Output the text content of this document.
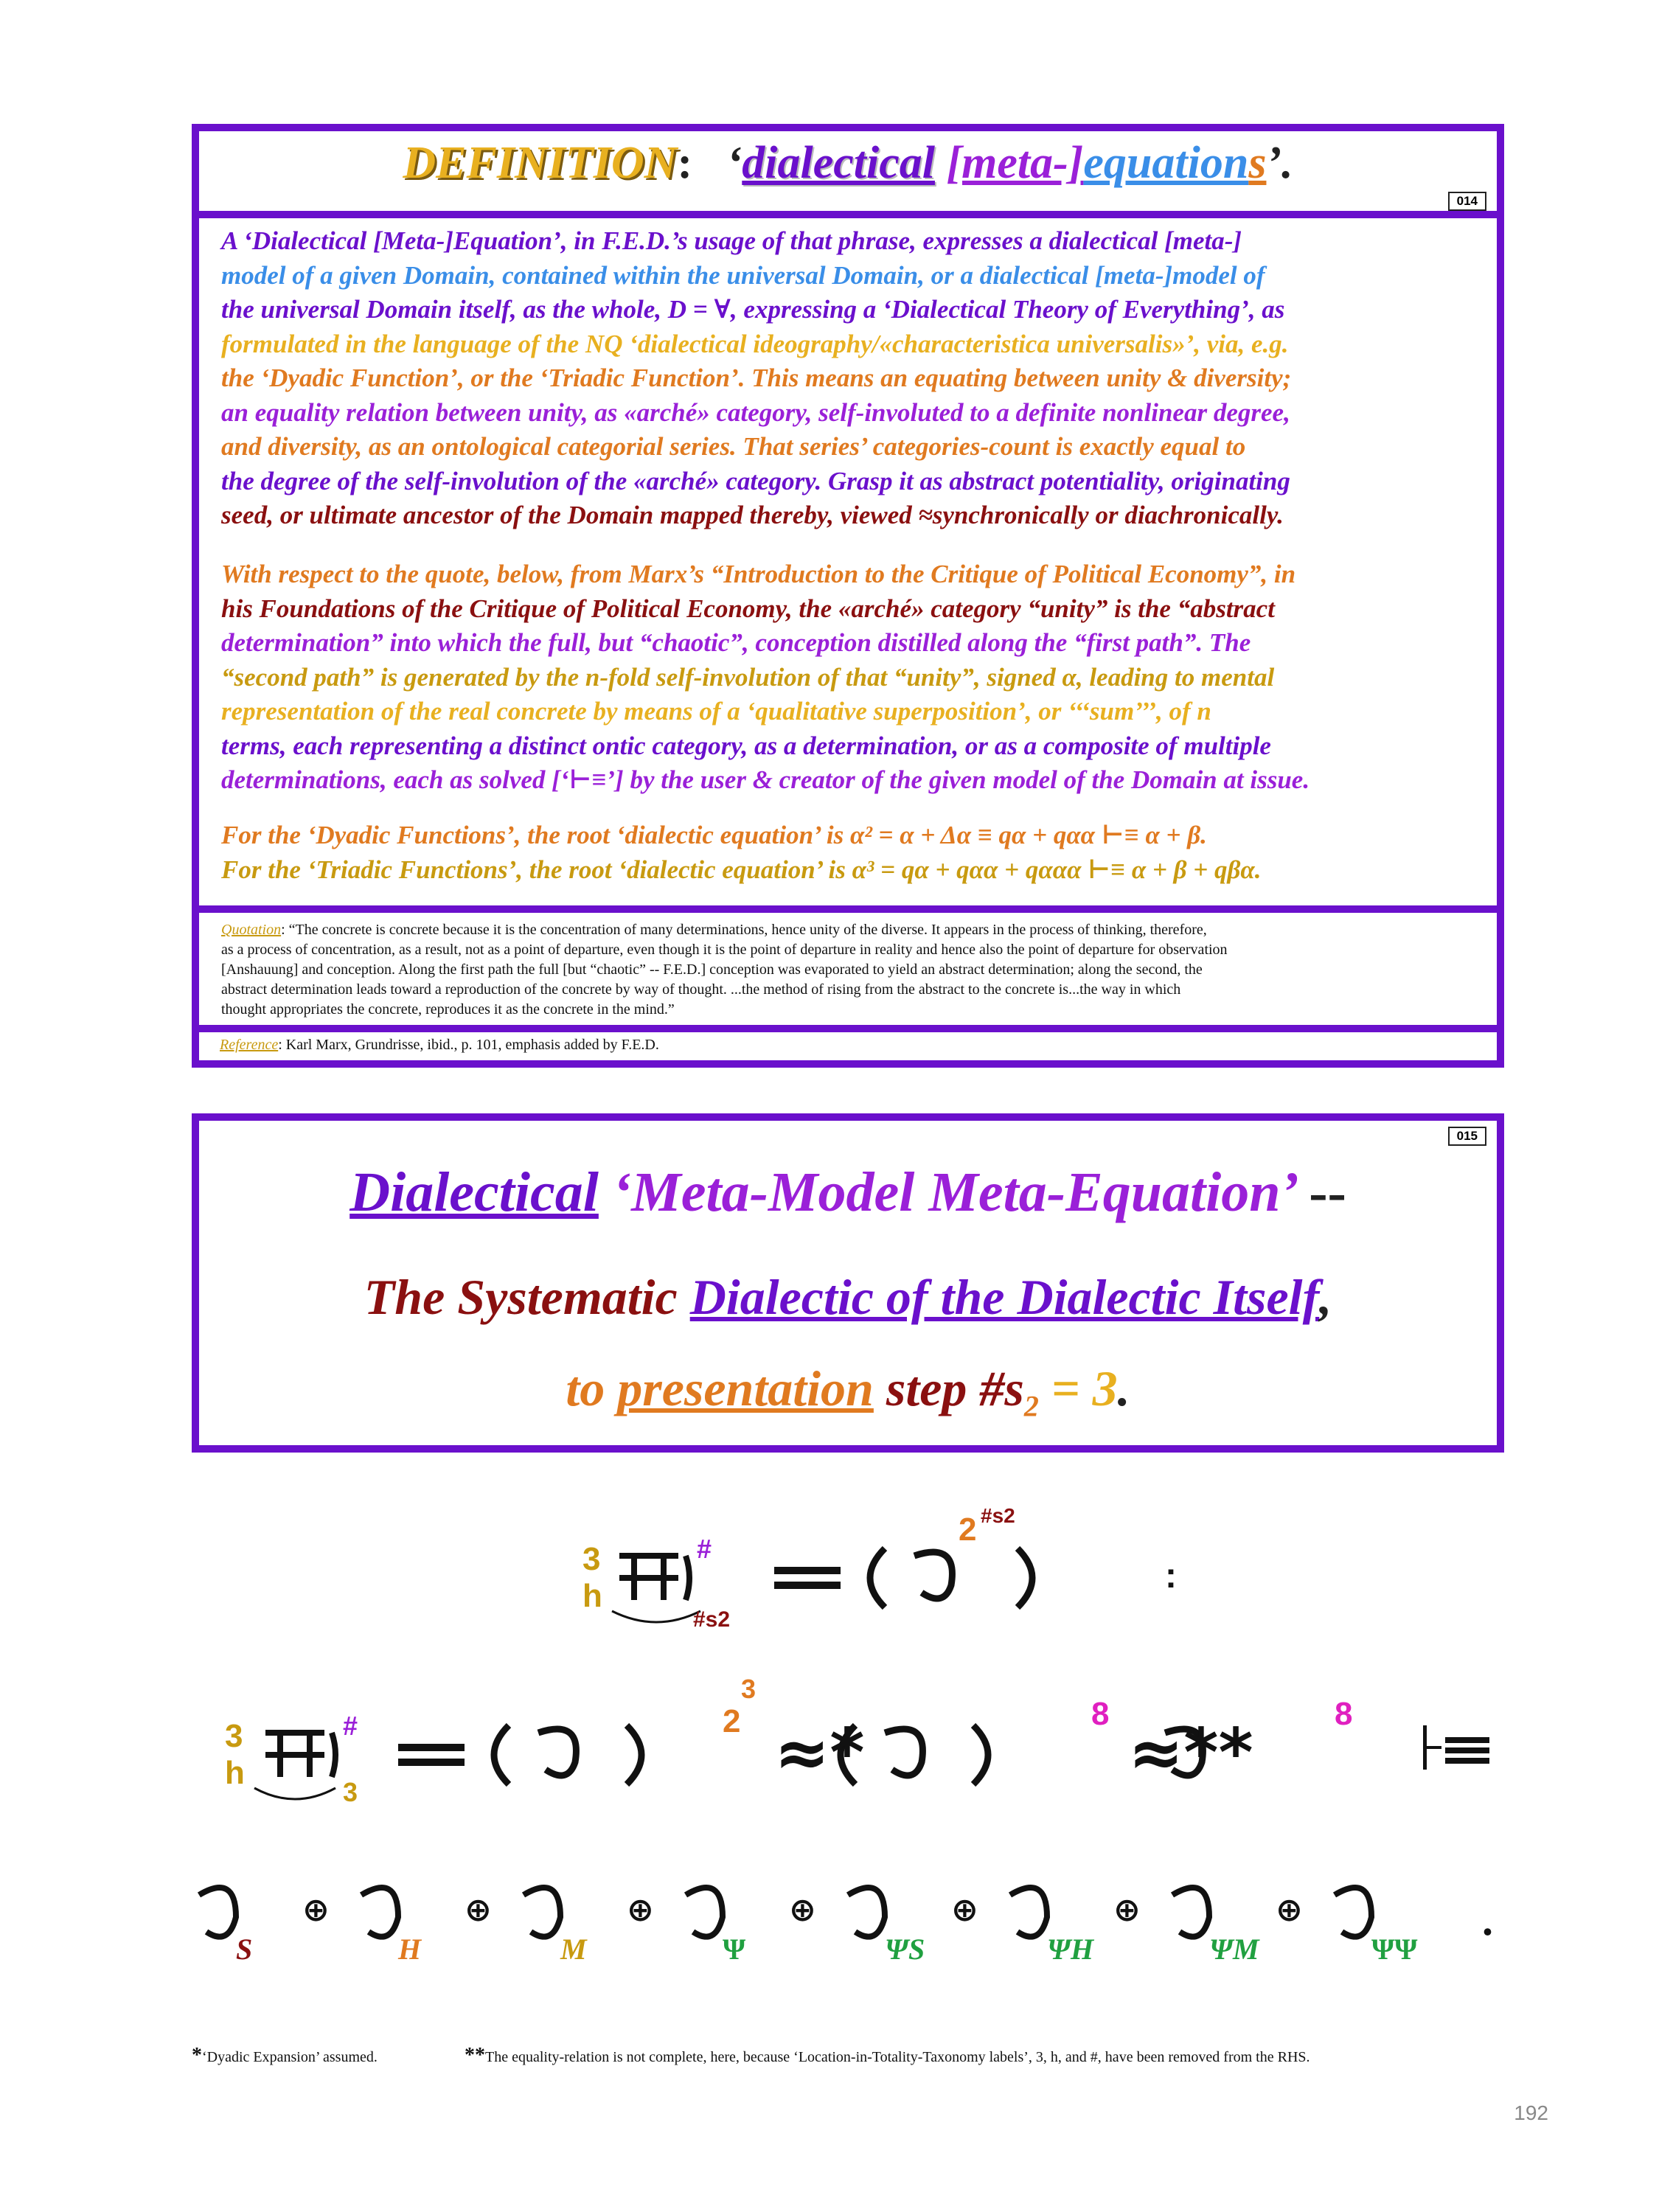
014
DEFINITION: ‘dialectical [meta-]equations’.
A ‘Dialectical [Meta-]Equation’, in F.E.D.’s usage of that phrase, expresses a dialectical [meta-]
model of a given Domain, contained within the universal Domain, or a dialectical [meta-]model of
the universal Domain itself, as the whole, D = ∀, expressing a ‘Dialectical Theory of Everything’, as
formulated in the language of the NQ ‘dialectical ideography/«characteristica universalis»’, via, e.g.
the ‘Dyadic Function’, or the ‘Triadic Function’. This means an equating between unity & diversity;
an equality relation between unity, as «arché» category, self-involuted to a definite nonlinear degree,
and diversity, as an ontological categorial series. That series’ categories-count is exactly equal to
the degree of the self-involution of the «arché» category. Grasp it as abstract potentiality, originating
seed, or ultimate ancestor of the Domain mapped thereby, viewed ≈synchronically or diachronically.
With respect to the quote, below, from Marx’s “Introduction to the Critique of Political Economy”, in
his Foundations of the Critique of Political Economy, the «arché» category “unity” is the “abstract
determination” into which the full, but “chaotic”, conception distilled along the “first path”. The
“second path” is generated by the n-fold self-involution of that “unity”, signed α, leading to mental
representation of the real concrete by means of a ‘qualitative superposition’, or ‘‘‘sum’’’, of n
terms, each representing a distinct ontic category, as a determination, or as a composite of multiple
determinations, each as solved [‘⊢≡’] by the user & creator of the given model of the Domain at issue.
For the ‘Dyadic Functions’, the root ‘dialectic equation’ is α² = α + Δα ≡ qα + qαα ⊢≡ α + β.
For the ‘Triadic Functions’, the root ‘dialectic equation’ is α³ = qα + qαα + qααα ⊢≡ α + β + qβα.
Quotation: “The concrete is concrete because it is the concentration of many determinations, hence unity of the diverse. It appears in the process of thinking, therefore,
as a process of concentration, as a result, not as a point of departure, even though it is the point of departure in reality and hence also the point of departure for observation
[Anshauung] and conception. Along the first path the full [but “chaotic” -- F.E.D.] conception was evaporated to yield an abstract determination; along the second, the
abstract determination leads toward a reproduction of the concrete by way of thought. ...the method of rising from the abstract to the concrete is...the way in which
thought appropriates the concrete, reproduces it as the concrete in the mind.”
Reference: Karl Marx, Grundrisse, ibid., p. 101, emphasis added by F.E.D.
015
Dialectical ‘Meta-Model Meta-Equation’ --
The Systematic Dialectic of the Dialectic Itself,
to presentation step $\#s_2 = 3$.
3
h
#
#s2
2 #s2
:
3
h
#
3
2
3
≈*
8
≈**
8
⊢≡
S
⊕
H
⊕
M
⊕
Ψ
⊕
ΨS
⊕
ΨH
⊕
ΨM
⊕
ΨΨ
.
*‘Dyadic Expansion’ assumed.	**The equality-relation is not complete, here, because ‘Location-in-Totality-Taxonomy labels’, 3, h, and #, have been removed from the RHS.
192
